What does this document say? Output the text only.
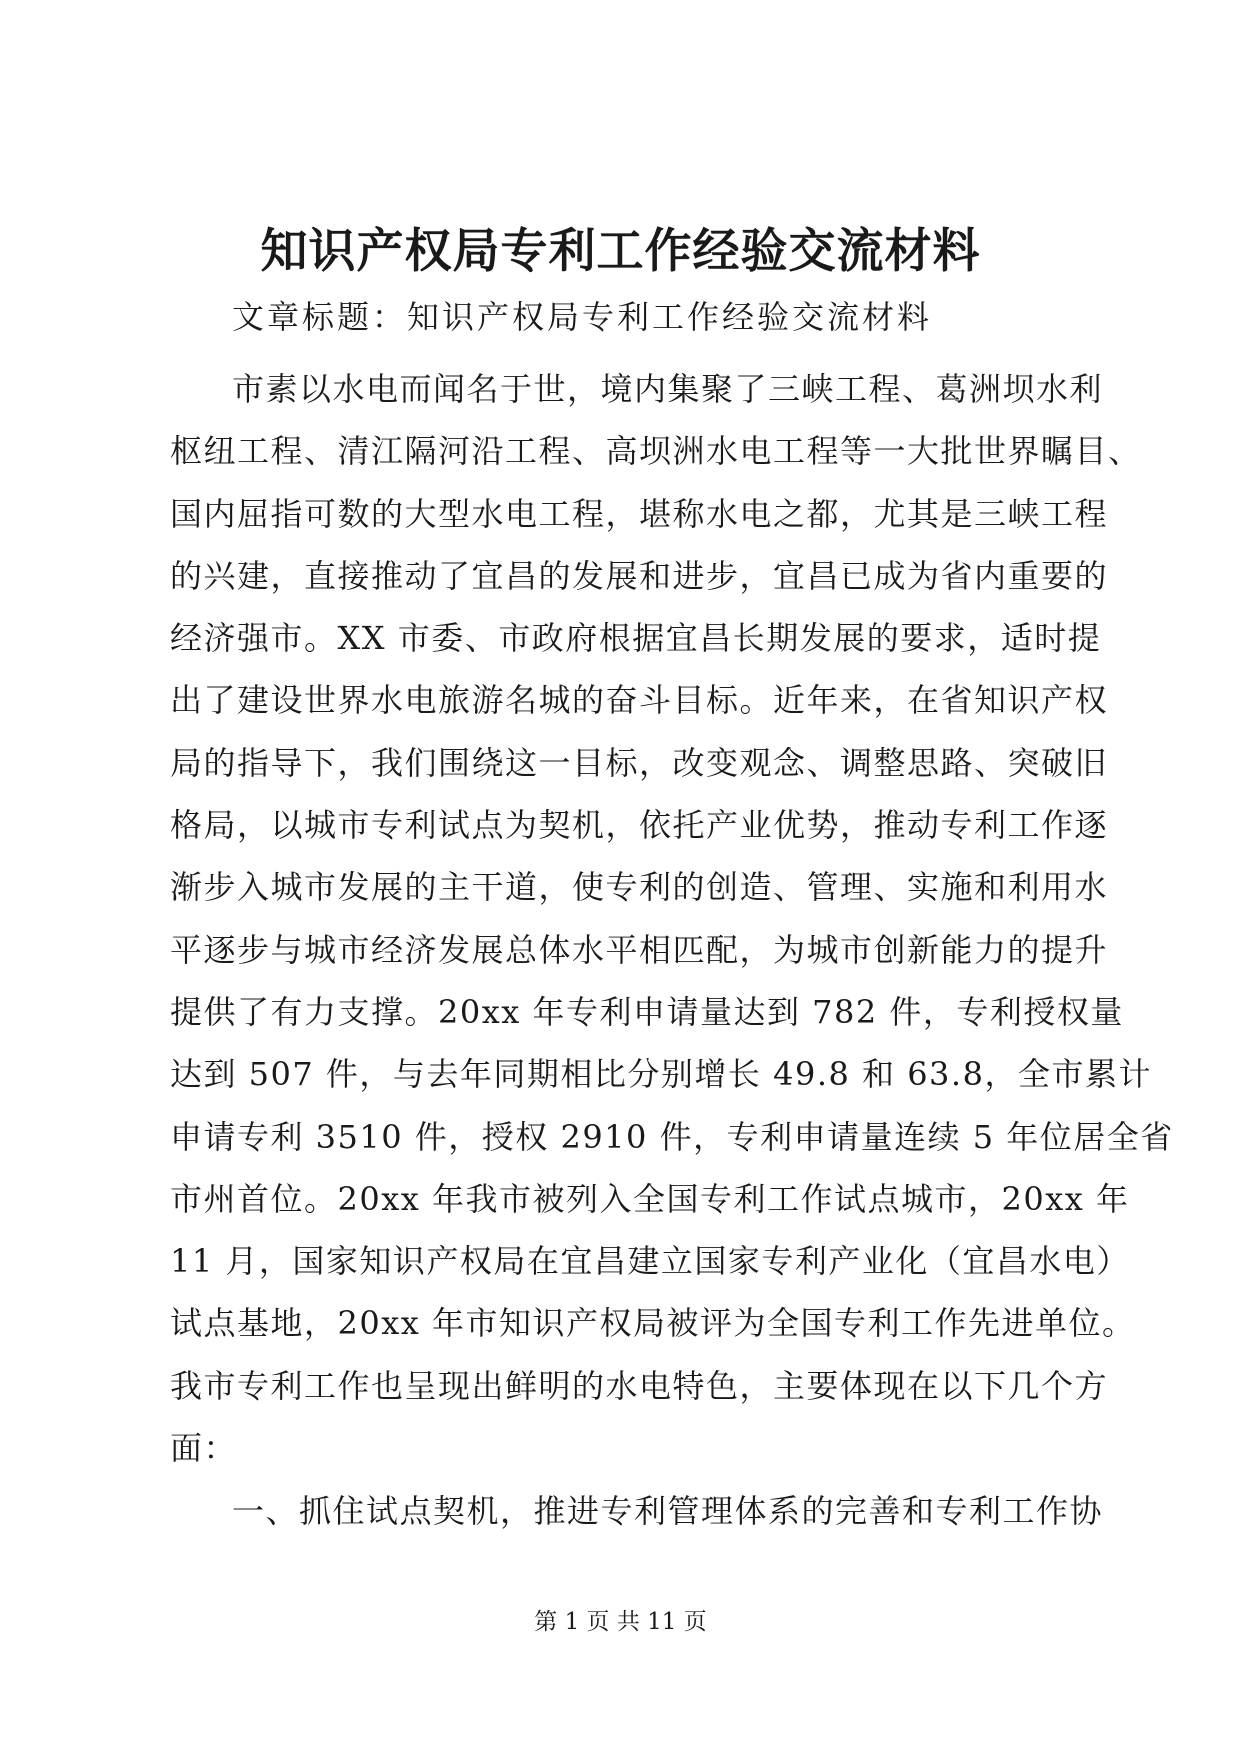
知识产权局专利工作经验交流材料
文章标题：知识产权局专利工作经验交流材料
市素以水电而闻名于世，境内集聚了三峡工程、葛洲坝水利
枢纽工程、清江隔河沿工程、高坝洲水电工程等一大批世界瞩目、
国内屈指可数的大型水电工程，堪称水电之都，尤其是三峡工程
的兴建，直接推动了宜昌的发展和进步，宜昌已成为省内重要的
经济强市。XX 市委、市政府根据宜昌长期发展的要求，适时提
出了建设世界水电旅游名城的奋斗目标。近年来，在省知识产权
局的指导下，我们围绕这一目标，改变观念、调整思路、突破旧
格局，以城市专利试点为契机，依托产业优势，推动专利工作逐
渐步入城市发展的主干道，使专利的创造、管理、实施和利用水
平逐步与城市经济发展总体水平相匹配，为城市创新能力的提升
提供了有力支撑。20xx 年专利申请量达到 782 件，专利授权量
达到 507 件，与去年同期相比分别增长 49.8 和 63.8，全市累计
申请专利 3510 件，授权 2910 件，专利申请量连续 5 年位居全省
市州首位。20xx 年我市被列入全国专利工作试点城市，20xx 年
11 月，国家知识产权局在宜昌建立国家专利产业化（宜昌水电）
试点基地，20xx 年市知识产权局被评为全国专利工作先进单位。
我市专利工作也呈现出鲜明的水电特色，主要体现在以下几个方
面：
一、抓住试点契机，推进专利管理体系的完善和专利工作协
第 1 页 共 11 页
